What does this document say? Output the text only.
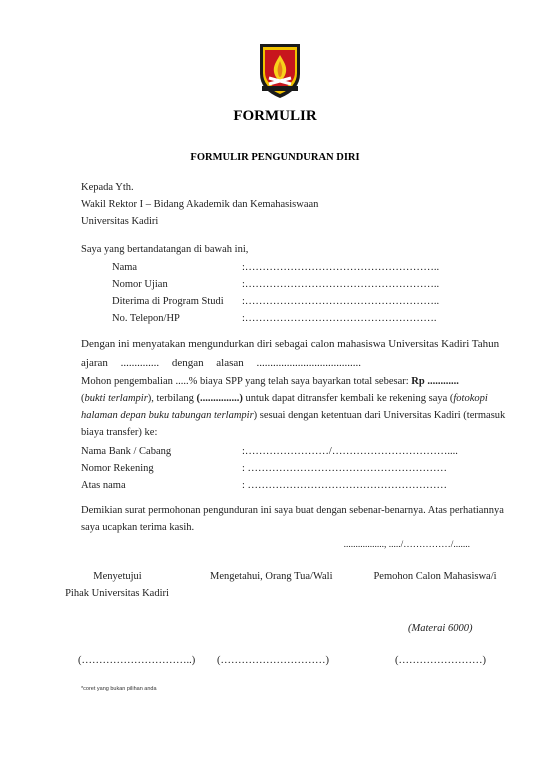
FORMULIR
FORMULIR PENGUNDURAN DIRI
Kepada Yth.
Wakil Rektor I – Bidang Akademik dan Kemahasiswaan
Universitas Kadiri
Saya yang bertandatangan di bawah ini,
Nama	:………………………………………………..
Nomor Ujian	:………………………………………………..
Diterima di Program Studi :………………………………………………..
No. Telepon/HP	:……………………………………………….
Dengan ini menyatakan mengundurkan diri sebagai calon mahasiswa Universitas Kadiri Tahun
ajaran .............. dengan alasan ......................................
Mohon pengembalian .....% biaya SPP yang telah saya bayarkan total sebesar: Rp ............
(bukti terlampir), terbilang (...............) untuk dapat ditransfer kembali ke rekening saya (fotokopi
halaman depan buku tabungan terlampir) sesuai dengan ketentuan dari Universitas Kadiri (termasuk
biaya transfer) ke:
Nama Bank / Cabang	:……………………/……………………………....
Nomor Rekening	: …………………………………………………
Atas nama	: …………………………………………………
Demikian surat permohonan pengunduran ini saya buat dengan sebenar-benarnya. Atas perhatiannya
saya ucapkan terima kasih.
................., ...../……………/.......
Menyetujui
Pihak Universitas Kadiri
Mengetahui, Orang Tua/Wali	Pemohon Calon Mahasiswa/i
(Materai 6000)
(…………………………..) (…………………………)	(……………………)
*coret yang bukan pilihan anda
